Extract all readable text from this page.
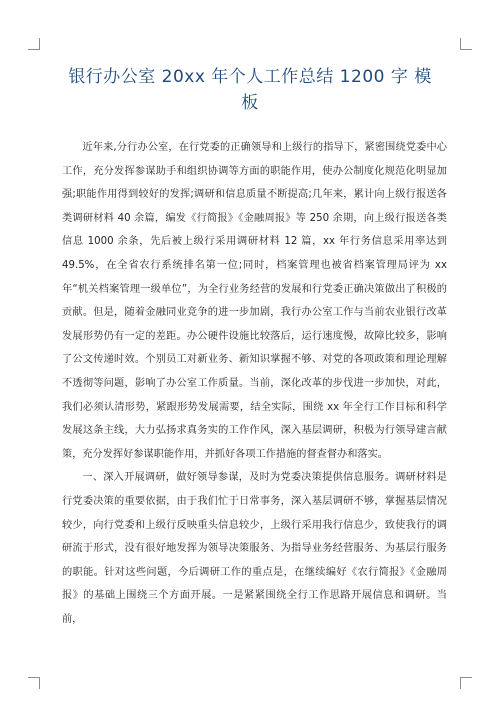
银行办公室 20xx 年个人工作总结 1200 字 模板

近年来,分行办公室，在行党委的正确领导和上级行的指导下，紧密围绕党委中心工作，充分发挥参谋助手和组织协调等方面的职能作用，使办公制度化规范化明显加强;职能作用得到较好的发挥;调研和信息质量不断提高;几年来，累计向上级行报送各类调研材料 40 余篇，编发《行简报》《金融周报》等 250 余期，向上级行报送各类信息 1000 余条，先后被上级行采用调研材料 12 篇，xx 年行务信息采用率达到 49.5%，在全省农行系统排名第一位;同时，档案管理也被省档案管理局评为 xx 年“机关档案管理一级单位”，为全行业务经营的发展和行党委正确决策做出了积极的贡献。但是，随着金融同业竞争的进一步加剧，我行办公室工作与当前农业银行改革发展形势仍有一定的差距。办公硬件设施比较落后，运行速度慢，故障比较多，影响了公文传递时效。个别员工对新业务、新知识掌握不够、对党的各项政策和理论理解不透彻等问题，影响了办公室工作质量。当前，深化改革的步伐进一步加快，对此，我们必须认清形势，紧跟形势发展需要，结全实际，围绕 xx 年全行工作目标和科学发展这条主线，大力弘扬求真务实的工作作风，深入基层调研，积极为行领导建言献策，充分发挥好参谋职能作用，并抓好各项工作措施的督查督办和落实。

一、深入开展调研，做好领导参谋，及时为党委决策提供信息服务。调研材料是行党委决策的重要依据，由于我们忙于日常事务，深入基层调研不够，掌握基层情况较少，向行党委和上级行反映重头信息较少，上级行采用我行信息少，致使我行的调研流于形式，没有很好地发挥为领导决策服务、为指导业务经营服务、为基层行服务的职能。针对这些问题，今后调研工作的重点是，在继续编好《农行简报》《金融周报》的基础上围绕三个方面开展。一是紧紧围绕全行工作思路开展信息和调研。当前，
